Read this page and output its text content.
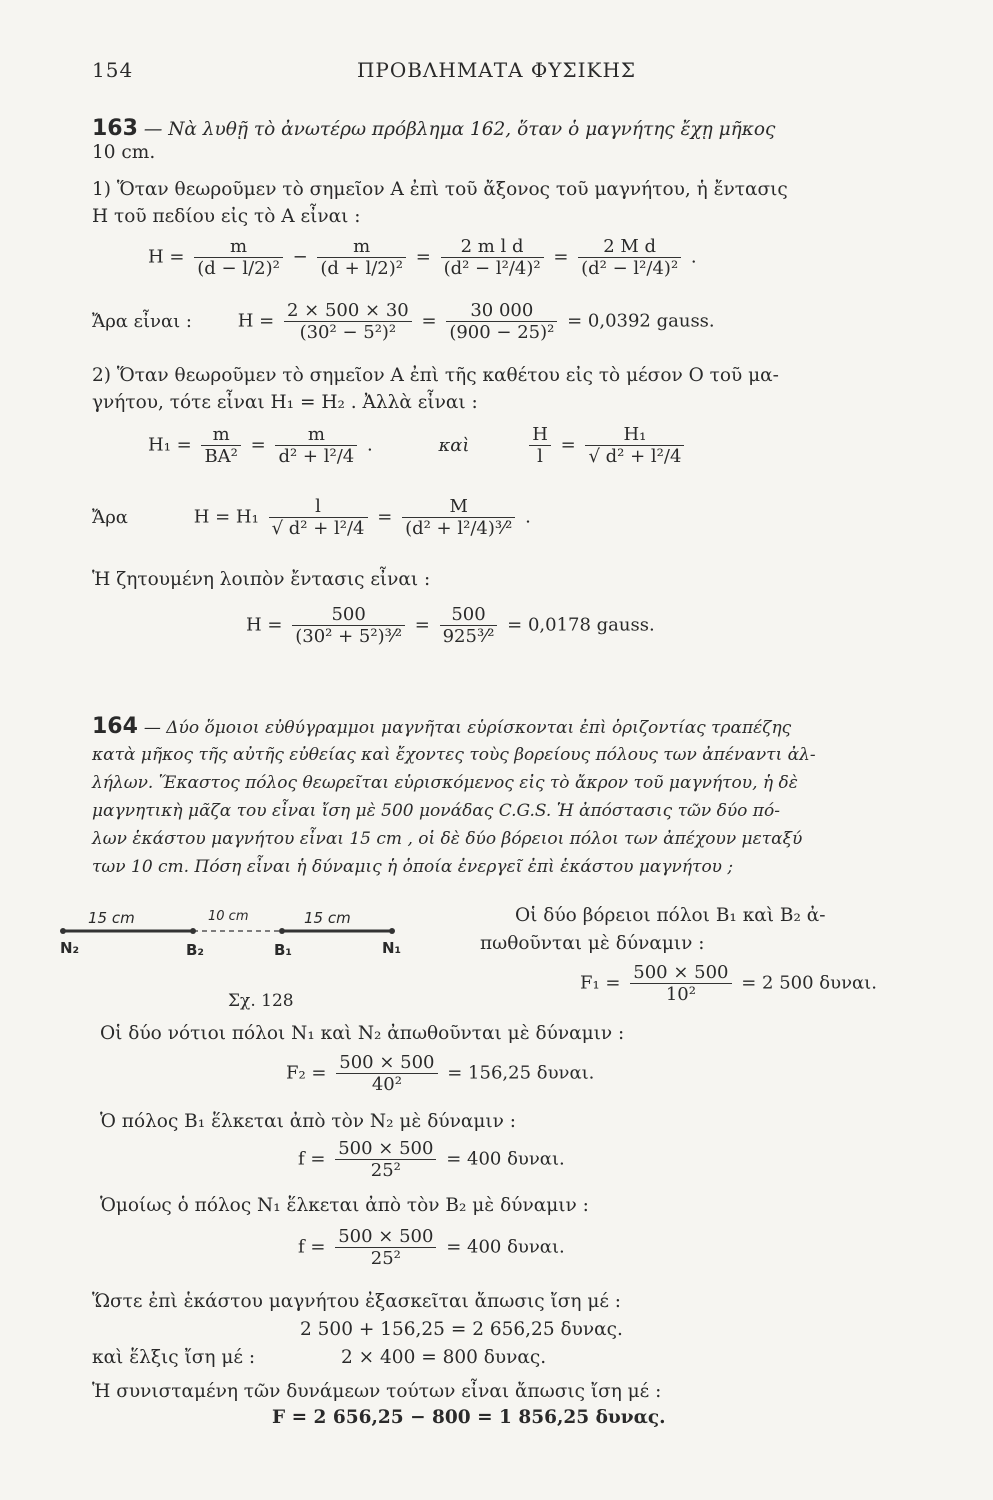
154	ΠΡΟΒΛΗΜΑΤΑ ΦΥΣΙΚΗΣ
163 — Νὰ λυθῇ τὸ ἀνωτέρω πρόβλημα 162, ὅταν ὁ μαγνήτης ἔχῃ μῆκος
10 cm.
1) Ὅταν θεωροῦμεν τὸ σημεῖον A ἐπὶ τοῦ ἄξονος τοῦ μαγνήτου, ἡ ἔντασις
H τοῦ πεδίου εἰς τὸ A εἶναι :
$H = \frac{m}{\text{(d − l/2)²}} - \frac{m}{\text{(d + l/2)²}} = \frac{\text{2 m l d}}{\text{(d² − l²/4)²}} = \frac{\text{2 M d}}{\text{(d² − l²/4)²}}$ .
Ἄρα εἶναι :	$H = \frac{2 \times 500 \times 30}{\text{(30² − 5²)²}} = \frac{30 000}{\text{(900 − 25)²}} = 0,0392$ gauss.
2) Ὅταν θεωροῦμεν τὸ σημεῖον A ἐπὶ τῆς καθέτου εἰς τὸ μέσον O τοῦ μα-
γνήτου, τότε εἶναι H₁ = H₂ . Ἀλλὰ εἶναι :
$H_1 = \frac{m}{\text{BA²}} = \frac{m}{\text{d² + l²/4}}$ .	καὶ	$\frac{H}{l} = \frac{\text{H₁}}{\text{√ d² + l²/4}}$
Ἄρα	$H = H_1 \frac{l}{\text{√ d² + l²/4}} = \frac{M}{\text{(d² + l²/4)³⁄²}}$ .
Ἡ ζητουμένη λοιπὸν ἔντασις εἶναι :
$H = \frac{500}{\text{(30² + 5²)³⁄²}} = \frac{500}{\text{925³⁄²}} = 0,0178$ gauss.
164 — Δύο ὅμοιοι εὐθύγραμμοι μαγνῆται εὑρίσκονται ἐπὶ ὁριζοντίας τραπέζης
κατὰ μῆκος τῆς αὐτῆς εὐθείας καὶ ἔχοντες τοὺς βορείους πόλους των ἀπέναντι ἀλ-
λήλων. Ἕκαστος πόλος θεωρεῖται εὑρισκόμενος εἰς τὸ ἄκρον τοῦ μαγνήτου, ἡ δὲ
μαγνητικὴ μᾶζα του εἶναι ἴση μὲ 500 μονάδας C.G.S. Ἡ ἀπόστασις τῶν δύο πό-
λων ἑκάστου μαγνήτου εἶναι 15 cm , οἱ δὲ δύο βόρειοι πόλοι των ἀπέχουν μεταξύ
των 10 cm. Πόση εἶναι ἡ δύναμις ἡ ὁποία ἐνεργεῖ ἐπὶ ἑκάστου μαγνήτου ;
15 cm	10 cm	15 cm
N₂	B₂	B₁	N₁
Σχ. 128
Οἱ δύο βόρειοι πόλοι B₁ καὶ B₂ ἀ-
πωθοῦνται μὲ δύναμιν :
$F_1 = \frac{500 \times 500}{\text{10²}} = 2$ 500 δυναι.
Οἱ δύο νότιοι πόλοι N₁ καὶ N₂ ἀπωθοῦνται μὲ δύναμιν :
$F_2 = \frac{500 \times 500}{\text{40²}} = 156,25$ δυναι.
Ὁ πόλος B₁ ἕλκεται ἀπὸ τὸν N₂ μὲ δύναμιν :
$f = \frac{500 \times 500}{\text{25²}} = 400$ δυναι.
Ὁμοίως ὁ πόλος N₁ ἕλκεται ἀπὸ τὸν B₂ μὲ δύναμιν :
$f = \frac{500 \times 500}{\text{25²}} = 400$ δυναι.
Ὥστε ἐπὶ ἑκάστου μαγνήτου ἐξασκεῖται ἄπωσις ἴση μέ :
2 500 + 156,25 = 2 656,25 δυνας.
καὶ ἕλξις ἴση μέ :	2 × 400 = 800 δυνας.
Ἡ συνισταμένη τῶν δυνάμεων τούτων εἶναι ἄπωσις ἴση μέ :
F = 2 656,25 − 800 = 1 856,25 δυνας.
